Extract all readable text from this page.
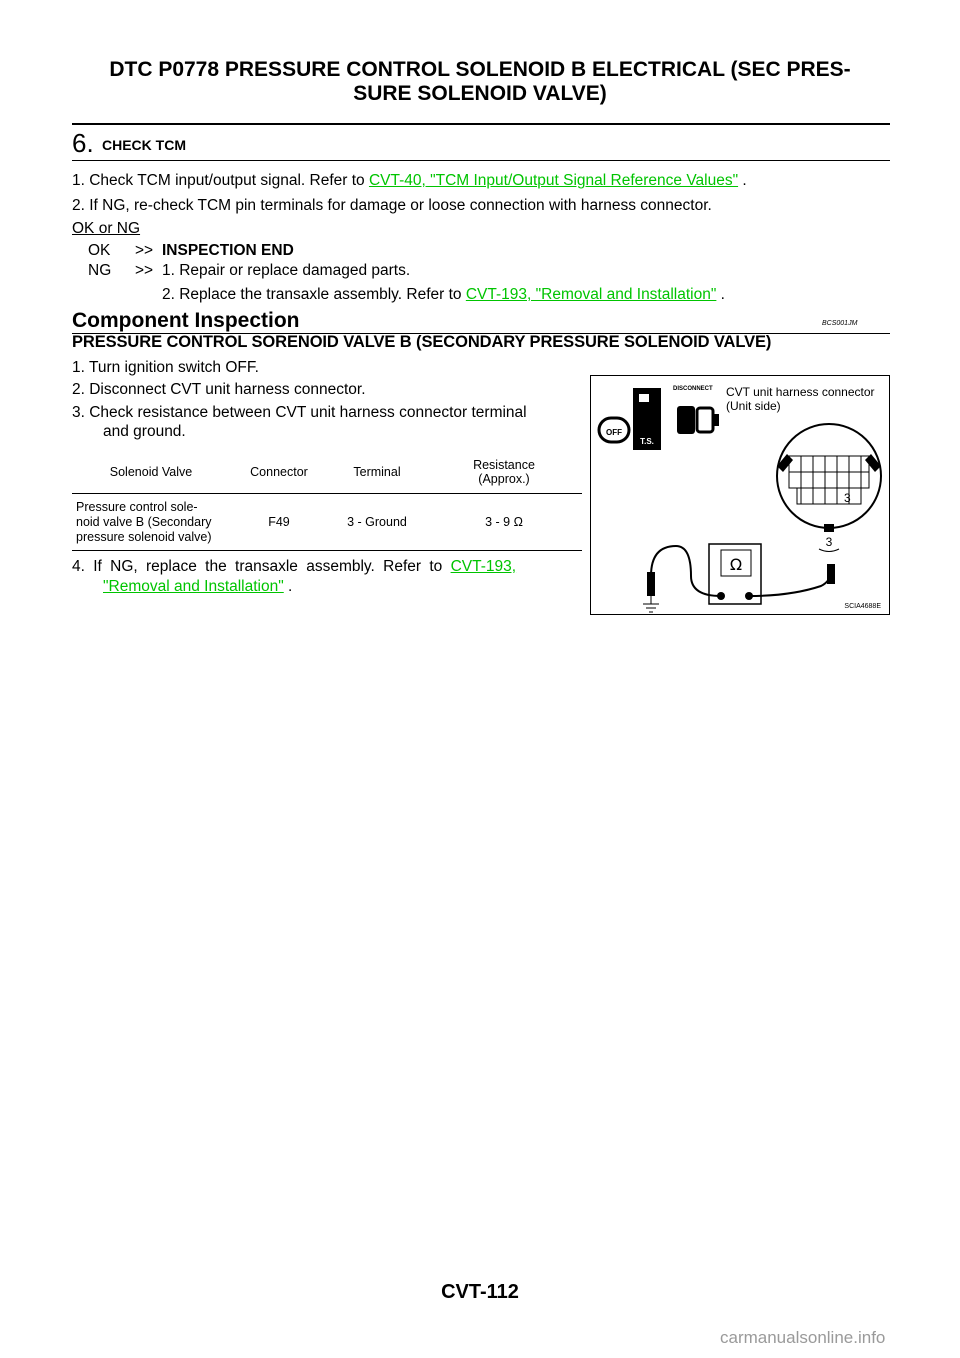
DTC P0778 PRESSURE CONTROL SOLENOID B ELECTRICAL (SEC PRES-
SURE SOLENOID VALVE)
6. CHECK TCM
1. Check TCM input/output signal. Refer to CVT-40, "TCM Input/Output Signal Reference Values" .
2. If NG, re-check TCM pin terminals for damage or loose connection with harness connector.
OK or NG
OK >> INSPECTION END
NG >> 1. Repair or replace damaged parts.
2. Replace the transaxle assembly. Refer to CVT-193, "Removal and Installation" .
Component Inspection	BCS001JM
PRESSURE CONTROL SORENOID VALVE B (SECONDARY PRESSURE SOLENOID VALVE)
1. Turn ignition switch OFF.
2. Disconnect CVT unit harness connector.
3. Check resistance between CVT unit harness connector terminal
and ground.
Solenoid Valve	Connector	Terminal	Resistance
(Approx.)

Pressure control sole-
noid valve B (Secondary
pressure solenoid valve)	F49	3 - Ground	3 - 9 Ω
4. If NG, replace the transaxle assembly. Refer to CVT-193,
"Removal and Installation" .
OFF
T.S.
DISCONNECT CVT unit harness connector
(Unit side)
3
3
Ω
SCIA4688E
CVT-112
carmanualsonline.info
